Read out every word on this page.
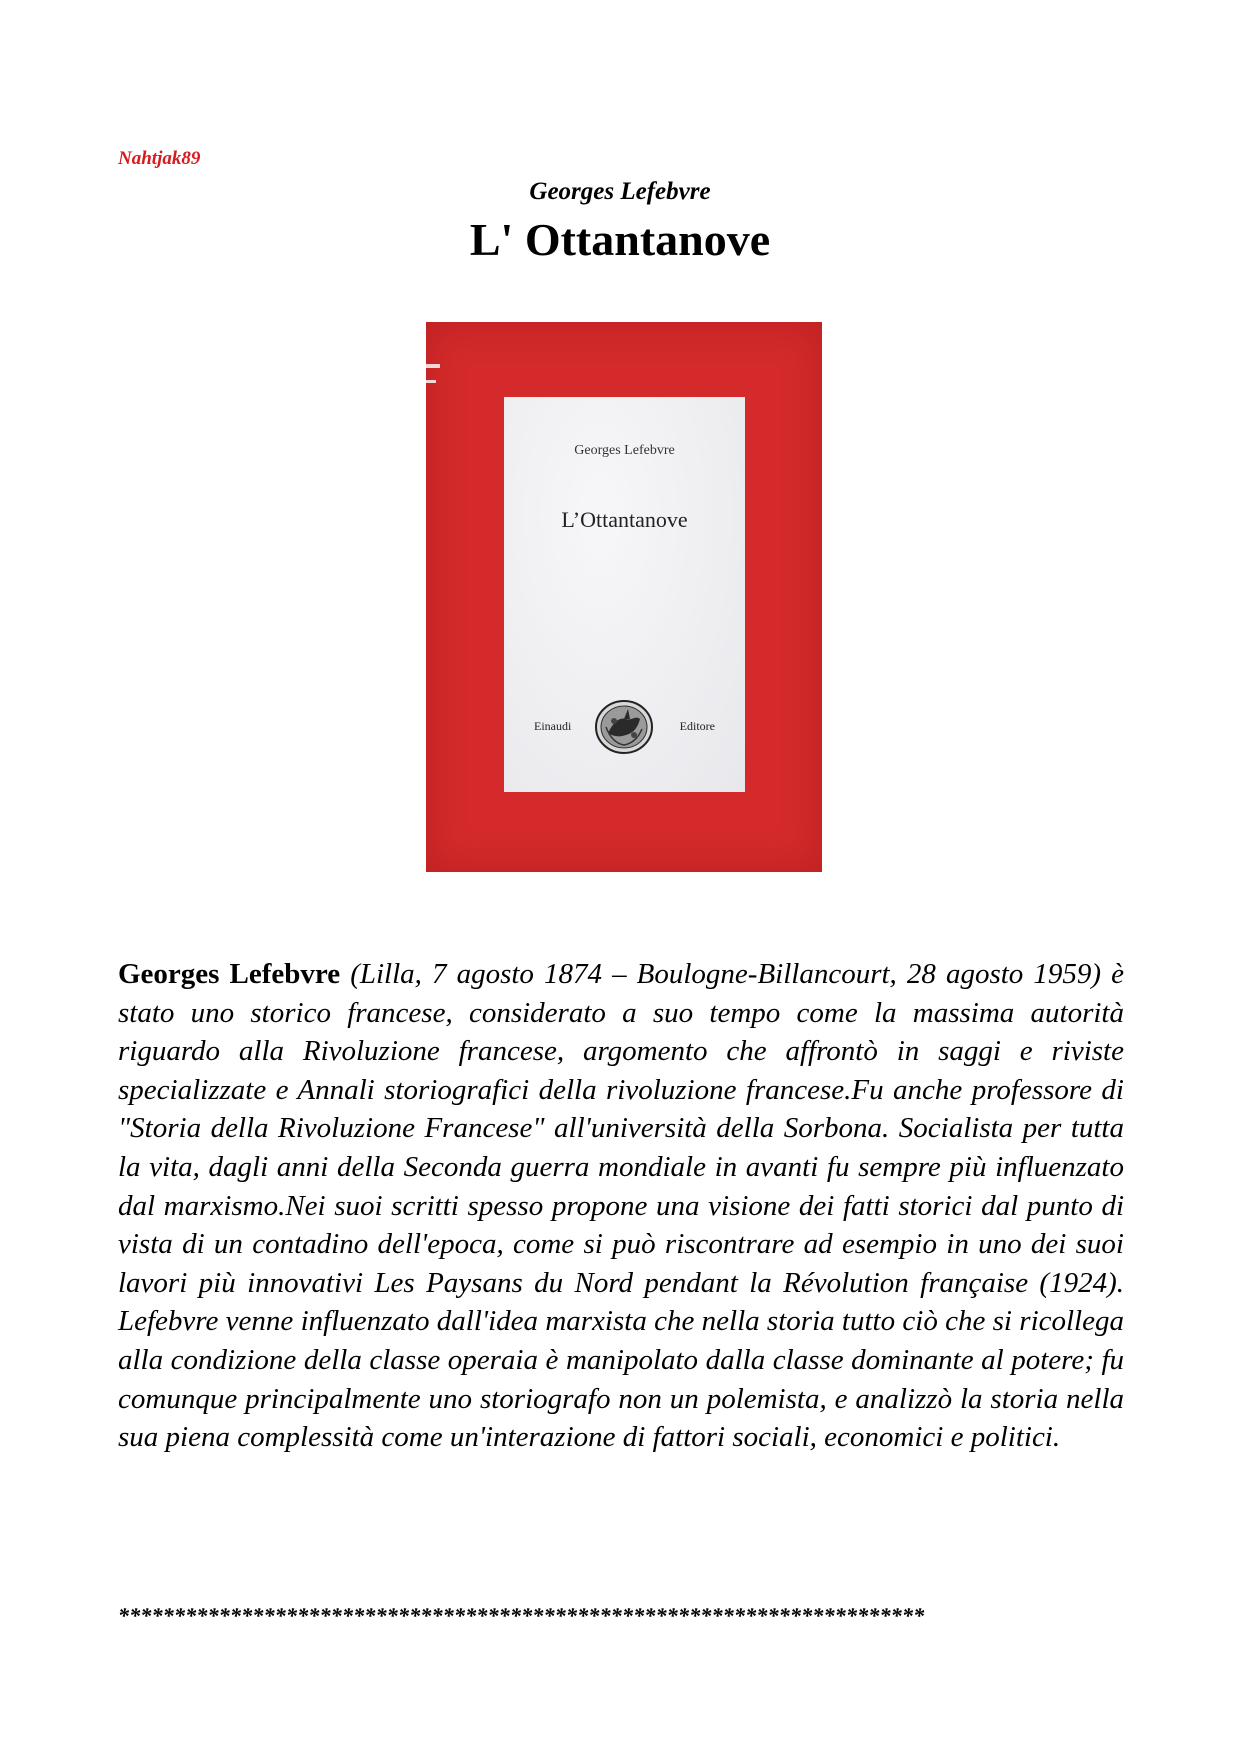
Nahtjak89
Georges Lefebvre
L' Ottantanove
Georges Lefebvre
L’Ottantanove
Einaudi	Editore
Georges Lefebvre (Lilla, 7 agosto 1874 – Boulogne-Billancourt, 28 agosto 1959) è stato uno storico francese, considerato a suo tempo come la massima autorità riguardo alla Rivoluzione francese, argomento che affrontò in saggi e riviste specializzate e Annali storiografici della rivoluzione francese.Fu anche professore di "Storia della Rivoluzione Francese" all'università della Sorbona. Socialista per tutta la vita, dagli anni della Seconda guerra mondiale in avanti fu sempre più influenzato dal marxismo.Nei suoi scritti spesso propone una visione dei fatti storici dal punto di vista di un contadino dell'epoca, come si può riscontrare ad esempio in uno dei suoi lavori più innovativi Les Paysans du Nord pendant la Révolution française (1924). Lefebvre venne influenzato dall'idea marxista che nella storia tutto ciò che si ricollega alla condizione della classe operaia è manipolato dalla classe dominante al potere; fu comunque principalmente uno storiografo non un polemista, e analizzò la storia nella sua piena complessità come un'interazione di fattori sociali, economici e politici.
************************************************************************
